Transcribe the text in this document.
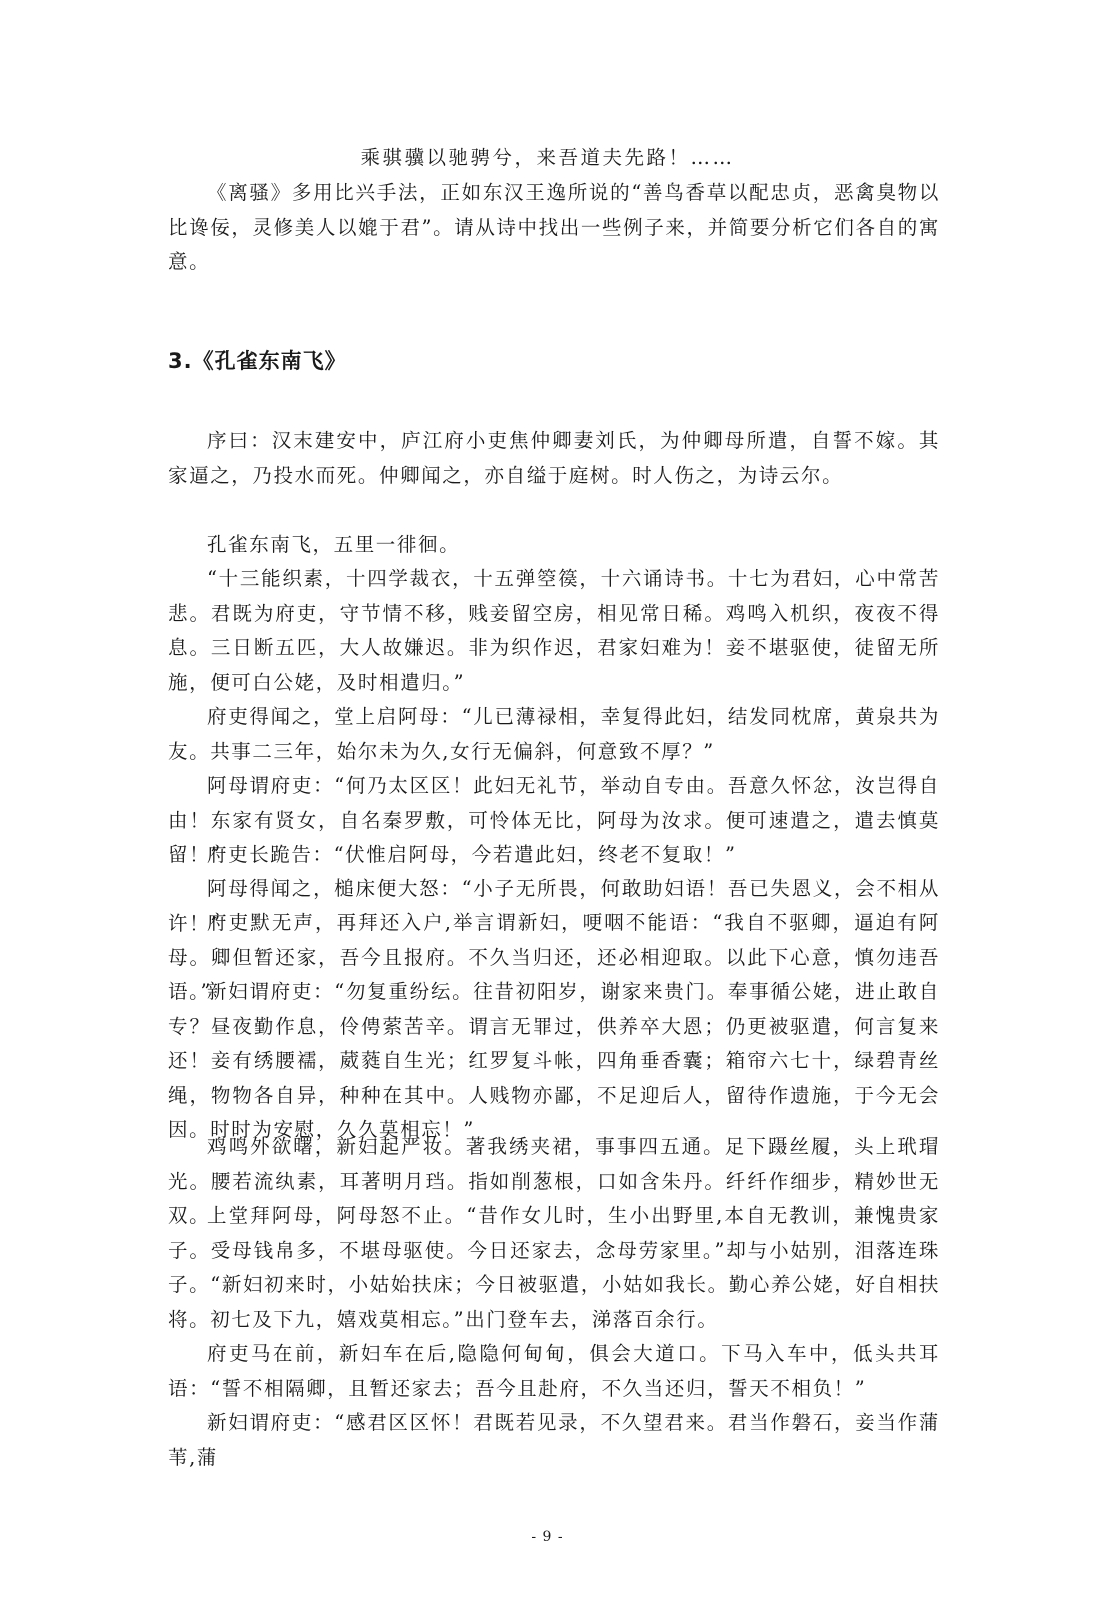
乘骐骥以驰骋兮，来吾道夫先路！……

《离骚》多用比兴手法，正如东汉王逸所说的“善鸟香草以配忠贞，恶禽臭物以比谗佞，灵修美人以媲于君”。请从诗中找出一些例子来，并简要分析它们各自的寓意。

3.《孔雀东南飞》

序曰：汉末建安中，庐江府小吏焦仲卿妻刘氏，为仲卿母所遣，自誓不嫁。其家逼之，乃投水而死。仲卿闻之，亦自缢于庭树。时人伤之，为诗云尔。

孔雀东南飞，五里一徘徊。

“十三能织素，十四学裁衣，十五弹箜篌，十六诵诗书。十七为君妇，心中常苦悲。君既为府吏，守节情不移，贱妾留空房，相见常日稀。鸡鸣入机织，夜夜不得息。三日断五匹，大人故嫌迟。非为织作迟，君家妇难为！妾不堪驱使，徒留无所施，便可白公姥，及时相遣归。”

府吏得闻之，堂上启阿母：“儿已薄禄相，幸复得此妇，结发同枕席，黄泉共为友。共事二三年，始尔未为久,女行无偏斜，何意致不厚？”

阿母谓府吏：“何乃太区区！此妇无礼节，举动自专由。吾意久怀忿，汝岂得自由！东家有贤女，自名秦罗敷，可怜体无比，阿母为汝求。便可速遣之，遣去慎莫留！”

府吏长跪告：“伏惟启阿母，今若遣此妇，终老不复取！”

阿母得闻之，槌床便大怒：“小子无所畏，何敢助妇语！吾已失恩义，会不相从许！”

府吏默无声，再拜还入户,举言谓新妇，哽咽不能语：“我自不驱卿，逼迫有阿母。卿但暂还家，吾今且报府。不久当归还，还必相迎取。以此下心意，慎勿违吾语。”

新妇谓府吏：“勿复重纷纭。往昔初阳岁，谢家来贵门。奉事循公姥，进止敢自专？昼夜勤作息，伶俜萦苦辛。谓言无罪过，供养卒大恩；仍更被驱遣，何言复来还！妾有绣腰襦，葳蕤自生光；红罗复斗帐，四角垂香囊；箱帘六七十，绿碧青丝绳，物物各自异，种种在其中。人贱物亦鄙，不足迎后人，留待作遗施，于今无会因。时时为安慰，久久莫相忘！”

鸡鸣外欲曙，新妇起严妆。著我绣夹裙，事事四五通。足下蹑丝履，头上玳瑁光。腰若流纨素，耳著明月珰。指如削葱根，口如含朱丹。纤纤作细步，精妙世无双。

上堂拜阿母，阿母怒不止。“昔作女儿时，生小出野里,本自无教训，兼愧贵家子。受母钱帛多，不堪母驱使。今日还家去，念母劳家里。”却与小姑别，泪落连珠子。“新妇初来时，小姑始扶床；今日被驱遣，小姑如我长。勤心养公姥，好自相扶将。初七及下九，嬉戏莫相忘。”出门登车去，涕落百余行。

府吏马在前，新妇车在后,隐隐何甸甸，俱会大道口。下马入车中，低头共耳语：“誓不相隔卿，且暂还家去；吾今且赴府，不久当还归，誓天不相负！”

新妇谓府吏：“感君区区怀！君既若见录，不久望君来。君当作磐石，妾当作蒲苇,蒲

- 9 -
